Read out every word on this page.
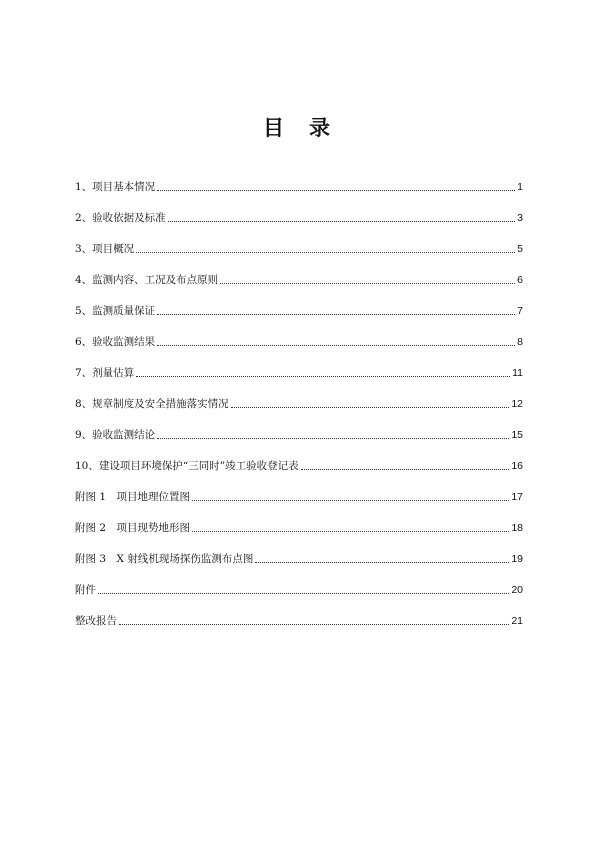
目　录
1、项目基本情况	1
2、验收依据及标准	3
3、项目概况	5
4、监测内容、工况及布点原则	6
5、监测质量保证	7
6、验收监测结果	8
7、剂量估算	11
8、规章制度及安全措施落实情况	12
9、验收监测结论	15
10、建设项目环境保护“三同时”竣工验收登记表	16
附图 1　项目地理位置图	17
附图 2　项目现势地形图	18
附图 3　X 射线机现场探伤监测布点图	19
附件	20
整改报告	21
